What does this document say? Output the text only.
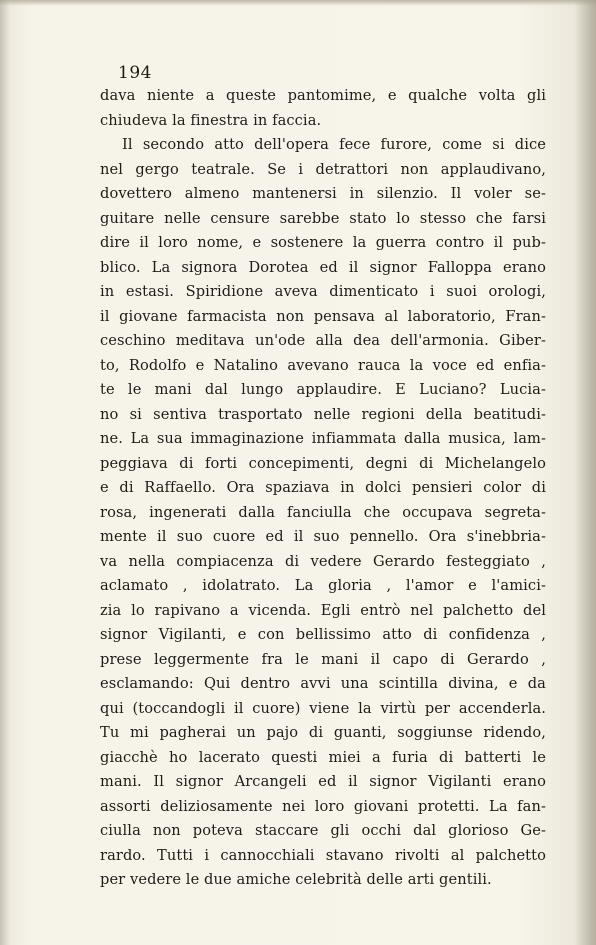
194
dava niente a queste pantomime, e qualche volta gli
chiudeva la finestra in faccia.
Il secondo atto dell'opera fece furore, come si dice
nel gergo teatrale. Se i detrattori non applaudivano,
dovettero almeno mantenersi in silenzio. Il voler se-
guitare nelle censure sarebbe stato lo stesso che farsi
dire il loro nome, e sostenere la guerra contro il pub-
blico. La signora Dorotea ed il signor Falloppa erano
in estasi. Spiridione aveva dimenticato i suoi orologi,
il giovane farmacista non pensava al laboratorio, Fran-
ceschino meditava un'ode alla dea dell'armonia. Giber-
to, Rodolfo e Natalino avevano rauca la voce ed enfia-
te le mani dal lungo applaudire. E Luciano? Lucia-
no si sentiva trasportato nelle regioni della beatitudi-
ne. La sua immaginazione infiammata dalla musica, lam-
peggiava di forti concepimenti, degni di Michelangelo
e di Raffaello. Ora spaziava in dolci pensieri color di
rosa, ingenerati dalla fanciulla che occupava segreta-
mente il suo cuore ed il suo pennello. Ora s'inebbria-
va nella compiacenza di vedere Gerardo festeggiato ,
aclamato , idolatrato. La gloria , l'amor e l'amici-
zia lo rapivano a vicenda. Egli entrò nel palchetto del
signor Vigilanti, e con bellissimo atto di confidenza ,
prese leggermente fra le mani il capo di Gerardo ,
esclamando: Qui dentro avvi una scintilla divina, e da
qui (toccandogli il cuore) viene la virtù per accenderla.
Tu mi pagherai un pajo di guanti, soggiunse ridendo,
giacchè ho lacerato questi miei a furia di batterti le
mani. Il signor Arcangeli ed il signor Vigilanti erano
assorti deliziosamente nei loro giovani protetti. La fan-
ciulla non poteva staccare gli occhi dal glorioso Ge-
rardo. Tutti i cannocchiali stavano rivolti al palchetto
per vedere le due amiche celebrità delle arti gentili.
